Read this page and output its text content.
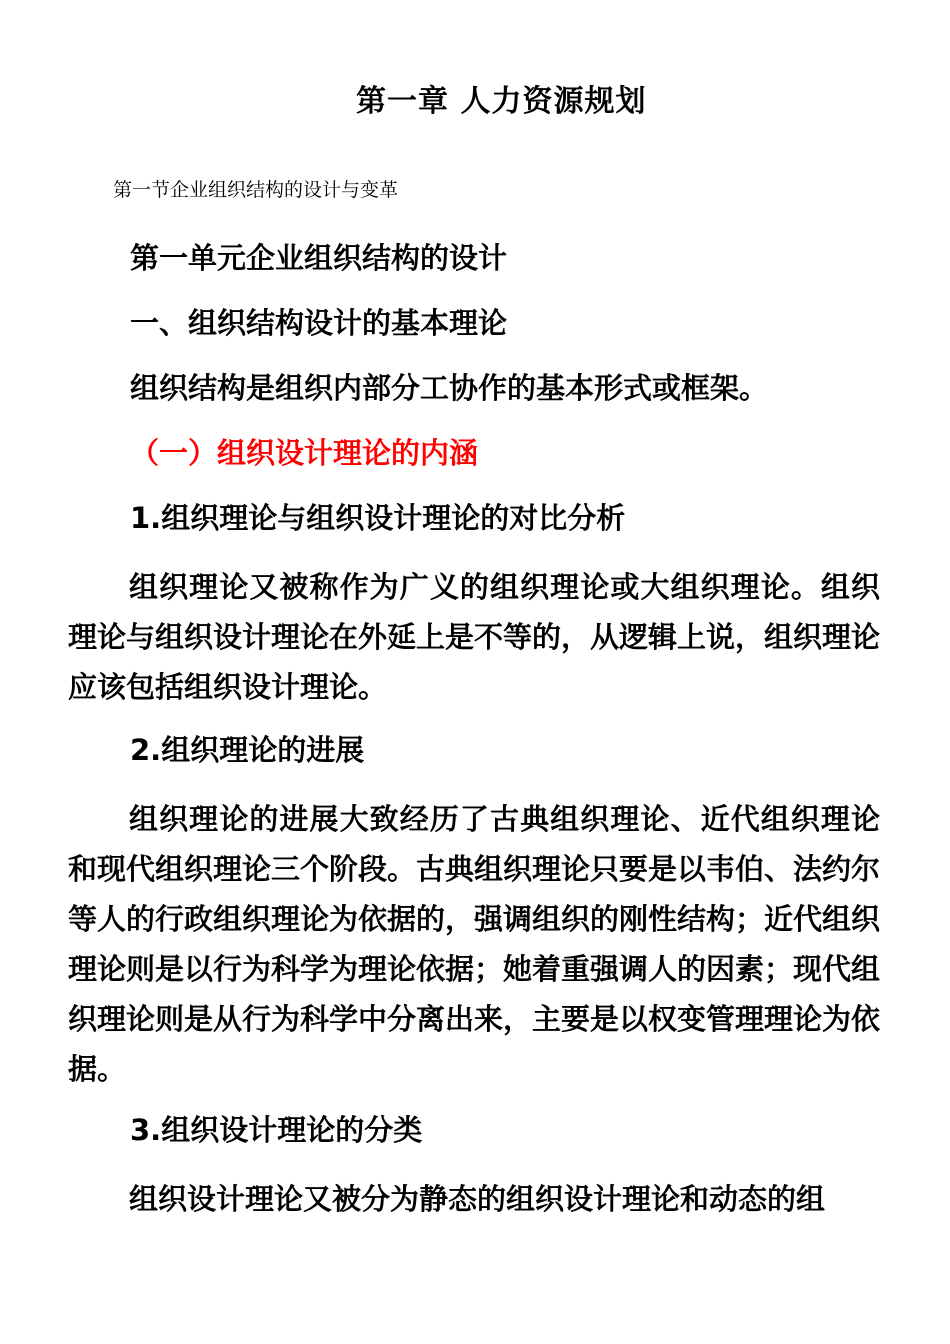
第一章 人力资源规划
第一节企业组织结构的设计与变革
第一单元企业组织结构的设计
一、组织结构设计的基本理论
组织结构是组织内部分工协作的基本形式或框架。
（一）组织设计理论的内涵
1.组织理论与组织设计理论的对比分析
组织理论又被称作为广义的组织理论或大组织理论。组织理论与组织设计理论在外延上是不等的，从逻辑上说，组织理论应该包括组织设计理论。
2.组织理论的进展
组织理论的进展大致经历了古典组织理论、近代组织理论和现代组织理论三个阶段。古典组织理论只要是以韦伯、法约尔等人的行政组织理论为依据的，强调组织的刚性结构；近代组织理论则是以行为科学为理论依据；她着重强调人的因素；现代组织理论则是从行为科学中分离出来，主要是以权变管理理论为依据。
3.组织设计理论的分类
组织设计理论又被分为静态的组织设计理论和动态的组
